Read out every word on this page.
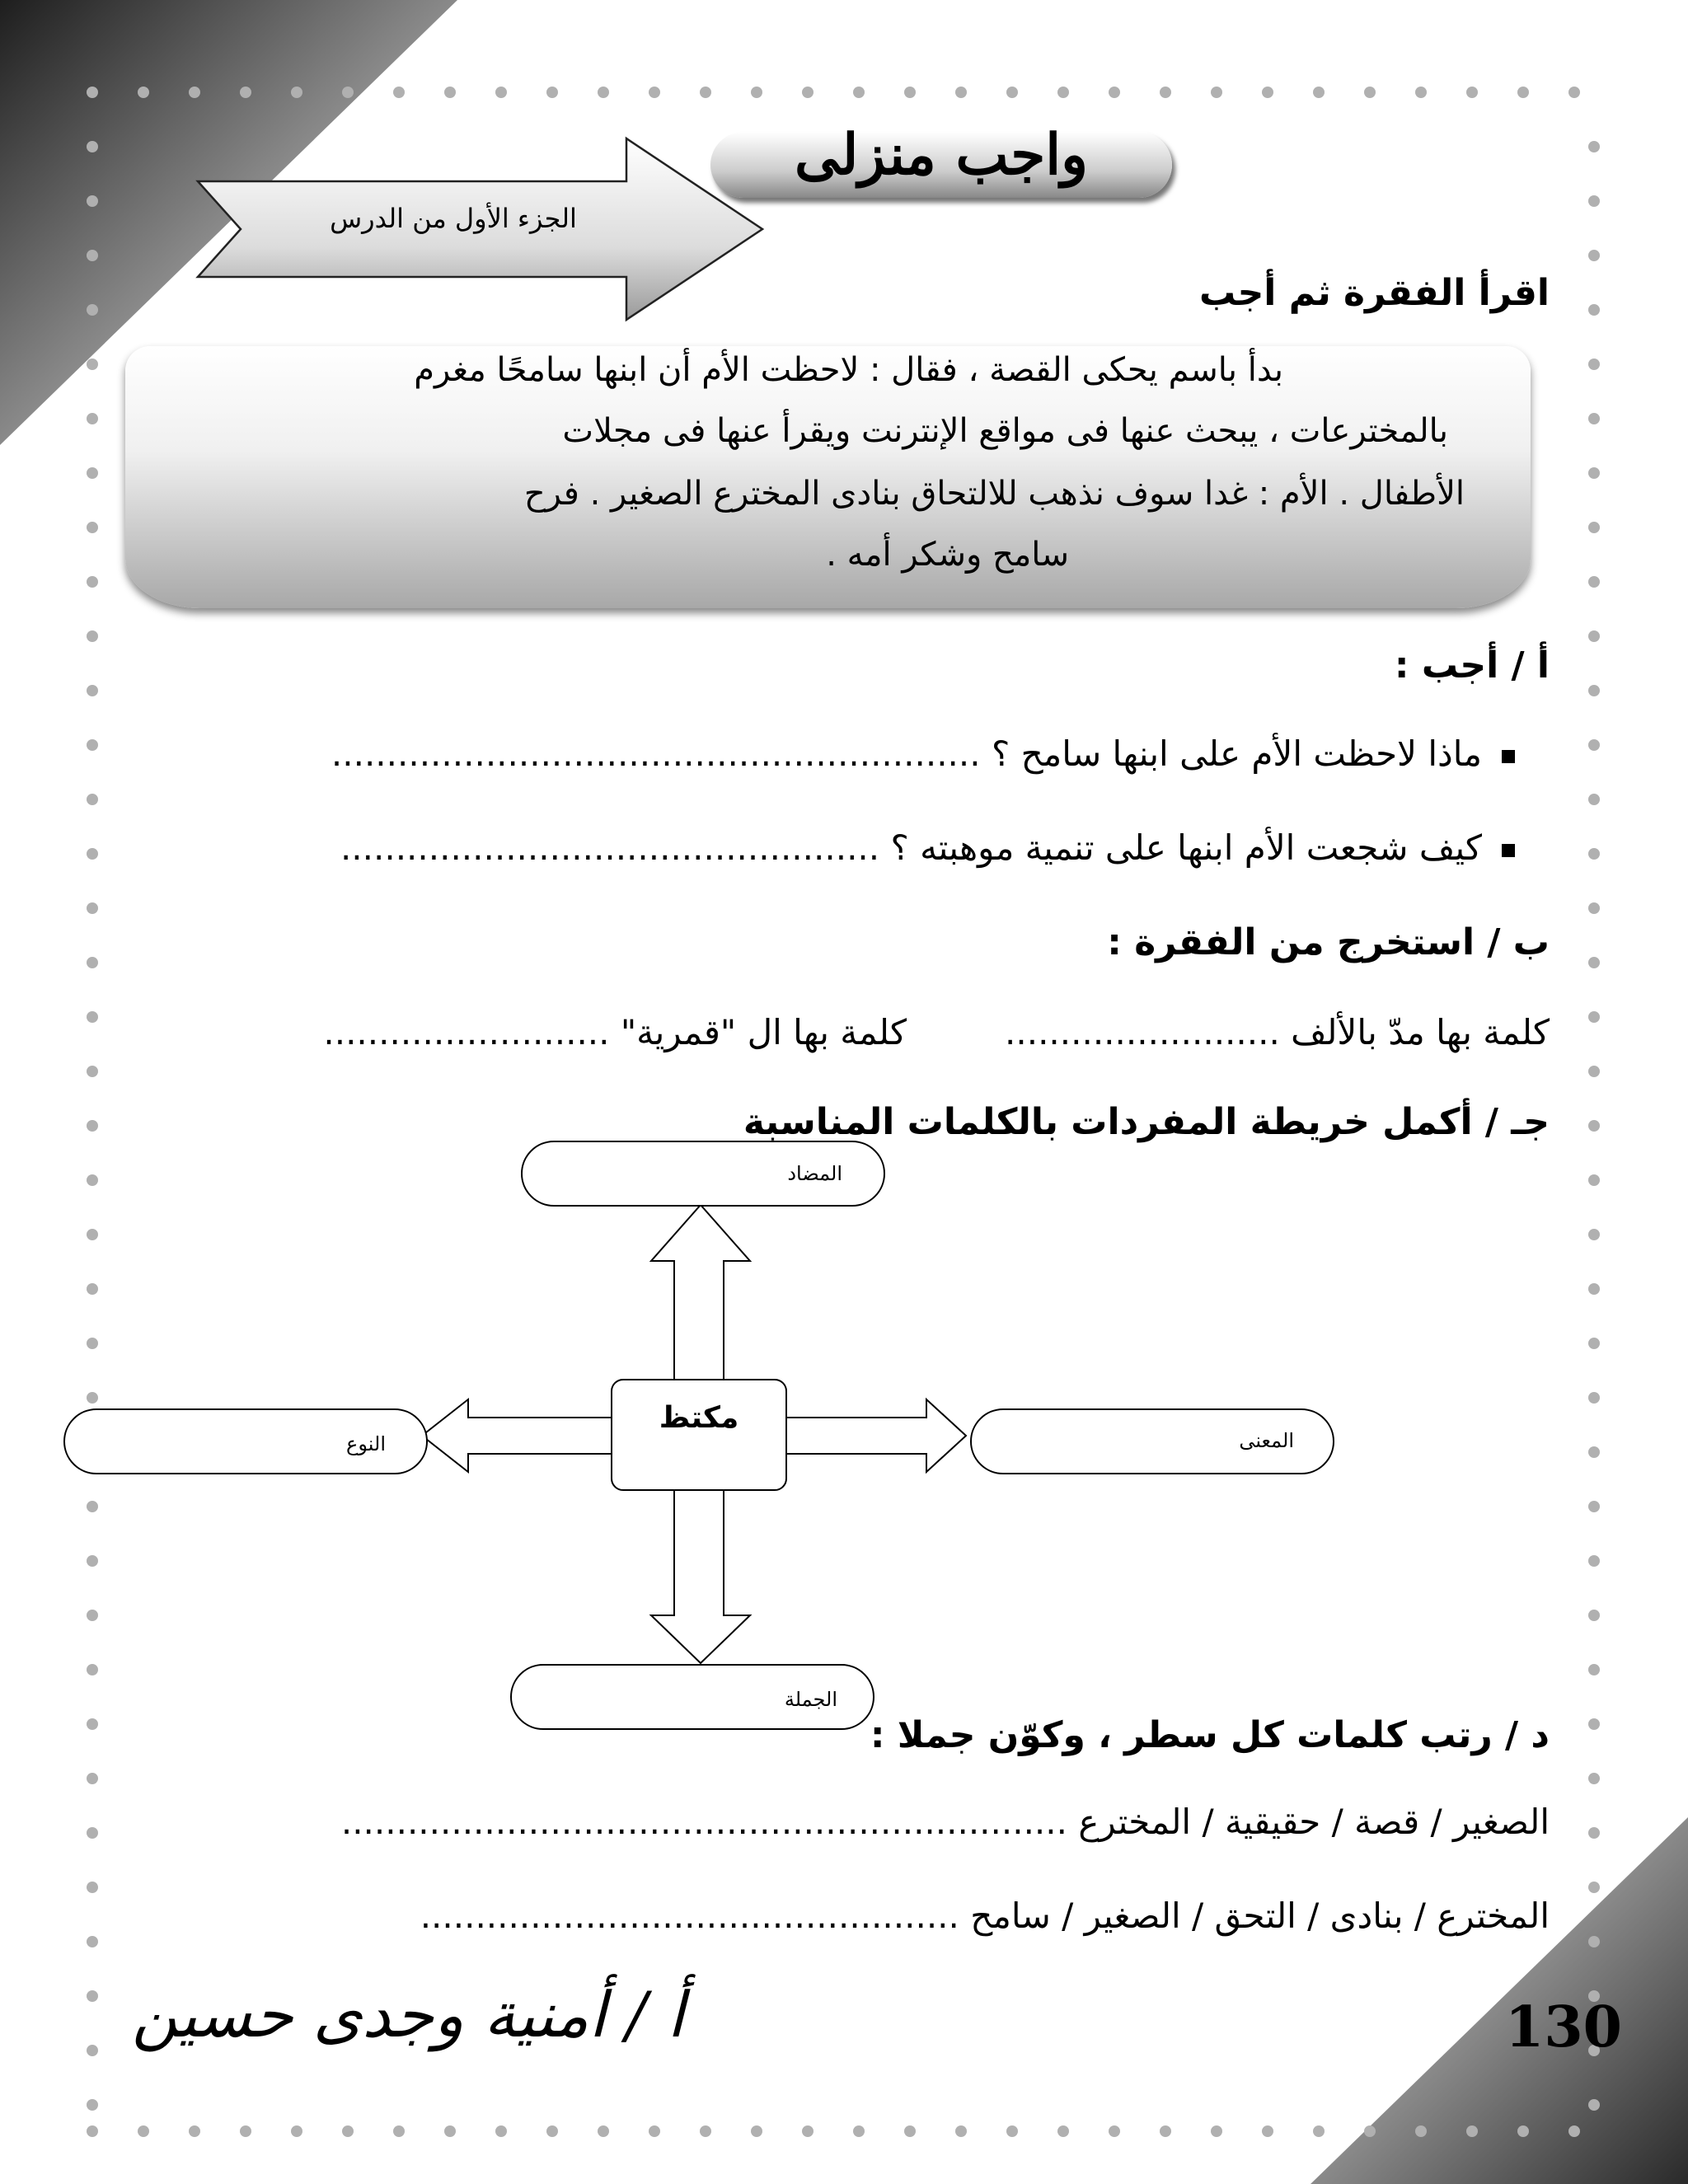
واجب منزلى
الجزء الأول من الدرس
اقرأ الفقرة ثم أجب
بدأ باسم يحكى القصة ، فقال : لاحظت الأم أن ابنها سامحًا مغرم
بالمخترعات ، يبحث عنها فى مواقع الإنترنت ويقرأ عنها فى مجلات
الأطفال . الأم : غدا سوف نذهب للالتحاق بنادى المخترع الصغير . فرح
سامح وشكر أمه .
أ / أجب :
ماذا لاحظت الأم على ابنها سامح ؟ ...........................................................
كيف شجعت الأم ابنها على تنمية موهبته ؟ .................................................
ب / استخرج من الفقرة :
كلمة بها مدّ بالألف .........................
كلمة بها ال "قمرية" ..........................
جـ / أكمل خريطة المفردات بالكلمات المناسبة
مكتظ
المضاد
النوع	المعنى
الجملة
د / رتب كلمات كل سطر ، وكوّن جملا :
الصغير / قصة / حقيقية / المخترع ..................................................................
المخترع / بنادى / التحق / الصغير / سامح .................................................
أ / أمنية وجدى حسين	130
